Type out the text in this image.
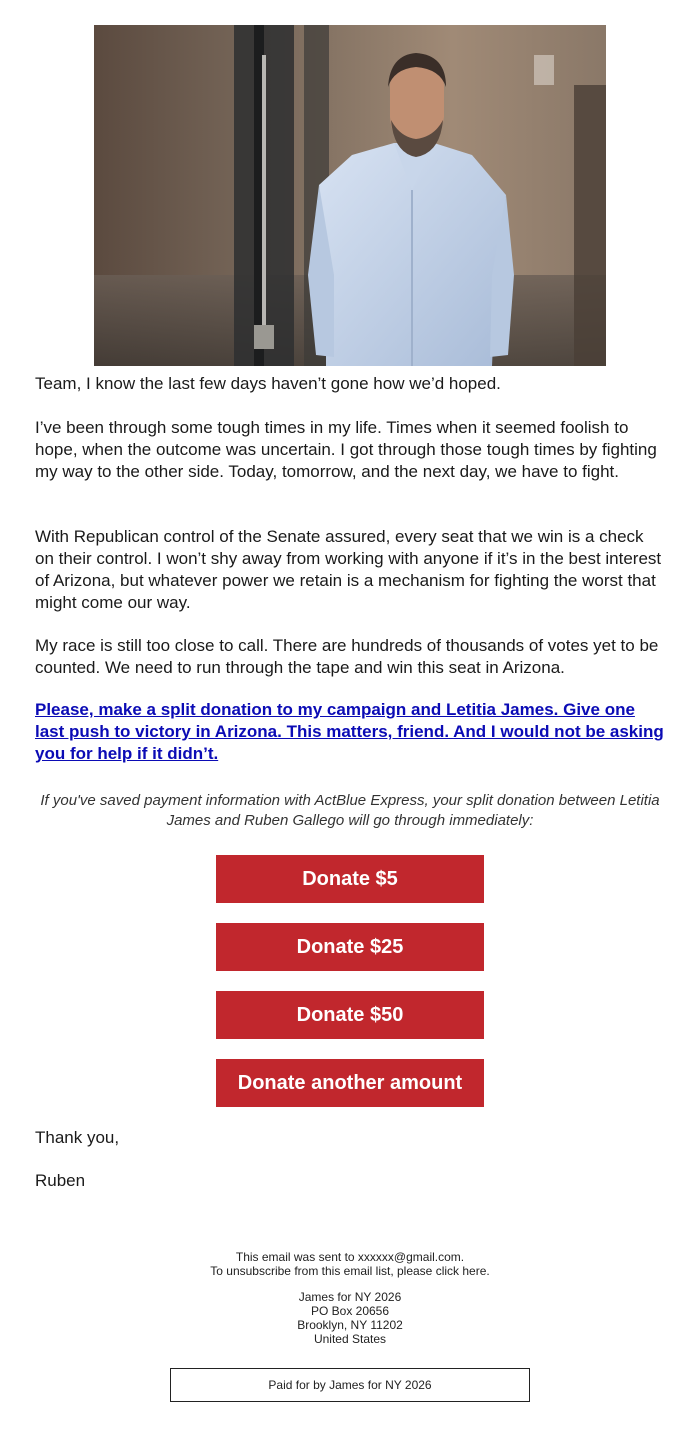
Team, I know the last few days haven’t gone how we’d hoped.

I’ve been through some tough times in my life. Times when it seemed foolish to hope, when the outcome was uncertain. I got through those tough times by fighting my way to the other side. Today, tomorrow, and the next day, we have to fight.

With Republican control of the Senate assured, every seat that we win is a check on their control. I won’t shy away from working with anyone if it’s in the best interest of Arizona, but whatever power we retain is a mechanism for fighting the worst that might come our way.

My race is still too close to call. There are hundreds of thousands of votes yet to be counted. We need to run through the tape and win this seat in Arizona.

Please, make a split donation to my campaign and Letitia James. Give one last push to victory in Arizona. This matters, friend. And I would not be asking you for help if it didn’t.
If you've saved payment information with ActBlue Express, your split donation between Letitia James and Ruben Gallego will go through immediately:
Donate $5
Donate $25
Donate $50
Donate another amount
Thank you,
Ruben
This email was sent to xxxxxx@gmail.com.
To unsubscribe from this email list, please click here.
James for NY 2026
PO Box 20656
Brooklyn, NY 11202
United States
Paid for by James for NY 2026
